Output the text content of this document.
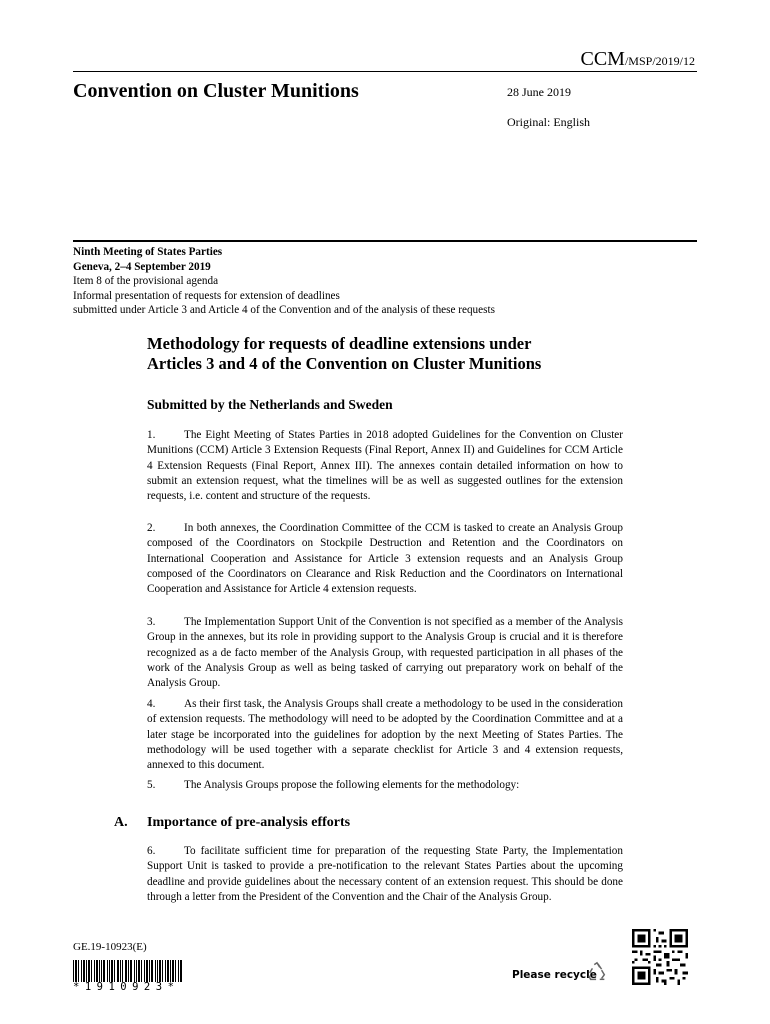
CCM/MSP/2019/12
Convention on Cluster Munitions	28 June 2019
Original: English
Ninth Meeting of States Parties
Geneva, 2–4 September 2019
Item 8 of the provisional agenda
Informal presentation of requests for extension of deadlines
submitted under Article 3 and Article 4 of the Convention and of the analysis of these requests
Methodology for requests of deadline extensions under
Articles 3 and 4 of the Convention on Cluster Munitions
Submitted by the Netherlands and Sweden

1.	The Eight Meeting of States Parties in 2018 adopted Guidelines for the Convention on Cluster Munitions (CCM) Article 3 Extension Requests (Final Report, Annex II) and Guidelines for CCM Article 4 Extension Requests (Final Report, Annex III). The annexes contain detailed information on how to submit an extension request, what the timelines will be as well as suggested outlines for the extension requests, i.e. content and structure of the requests.

2.	In both annexes, the Coordination Committee of the CCM is tasked to create an Analysis Group composed of the Coordinators on Stockpile Destruction and Retention and the Coordinators on International Cooperation and Assistance for Article 3 extension requests and an Analysis Group composed of the Coordinators on Clearance and Risk Reduction and the Coordinators on International Cooperation and Assistance for Article 4 extension requests.

3.	The Implementation Support Unit of the Convention is not specified as a member of the Analysis Group in the annexes, but its role in providing support to the Analysis Group is crucial and it is therefore recognized as a de facto member of the Analysis Group, with requested participation in all phases of the work of the Analysis Group as well as being tasked of carrying out preparatory work on behalf of the Analysis Group.

4.	As their first task, the Analysis Groups shall create a methodology to be used in the consideration of extension requests. The methodology will need to be adopted by the Coordination Committee and at a later stage be incorporated into the guidelines for adoption by the next Meeting of States Parties. The methodology will be used together with a separate checklist for Article 3 and 4 extension requests, annexed to this document.

5.	The Analysis Groups propose the following elements for the methodology:

A. Importance of pre-analysis efforts

6.	To facilitate sufficient time for preparation of the requesting State Party, the Implementation Support Unit is tasked to provide a pre-notification to the relevant States Parties about the upcoming deadline and provide guidelines about the necessary content of an extension request. This should be done through a letter from the President of the Convention and the Chair of the Analysis Group.

GE.19-10923(E)
*1910923*
Please recycle
